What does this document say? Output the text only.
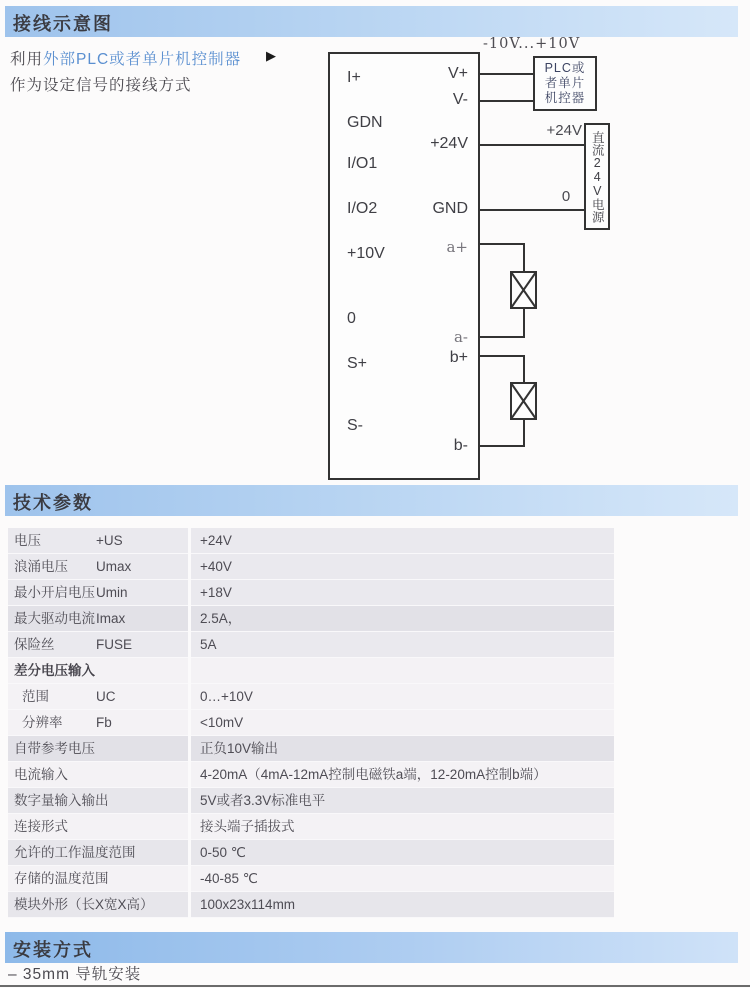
接线示意图
利用外部PLC或者单片机控制器
作为设定信号的接线方式
▶
I+
GDN
I/O1
I/O2
+10V
0
S+
S-
V+
V-
+24V
GND
a+
a-
b+
b-
PLC或
者单片
机控器
直流24V电源
-10V...+10V
+24V
0
技术参数
电压	+US	+24V
浪涌电压 Umax	+40V
最小开启电压 Umin	+18V
最大驱动电流 Imax	2.5A，
保险丝	FUSE	5A
差分电压输入
范围	UC	0…+10V
分辨率 Fb	<10mV
自带参考电压	正负10V输出
电流输入	4-20mA（4mA-12mA控制电磁铁a端，12-20mA控制b端）
数字量输入输出	5V或者3.3V标准电平
连接形式	接头端子插拔式
允许的工作温度范围	0-50 ℃
存储的温度范围	-40-85 ℃
模块外形（长X宽X高）	100x23x114mm
安装方式
– 35mm 导轨安装
